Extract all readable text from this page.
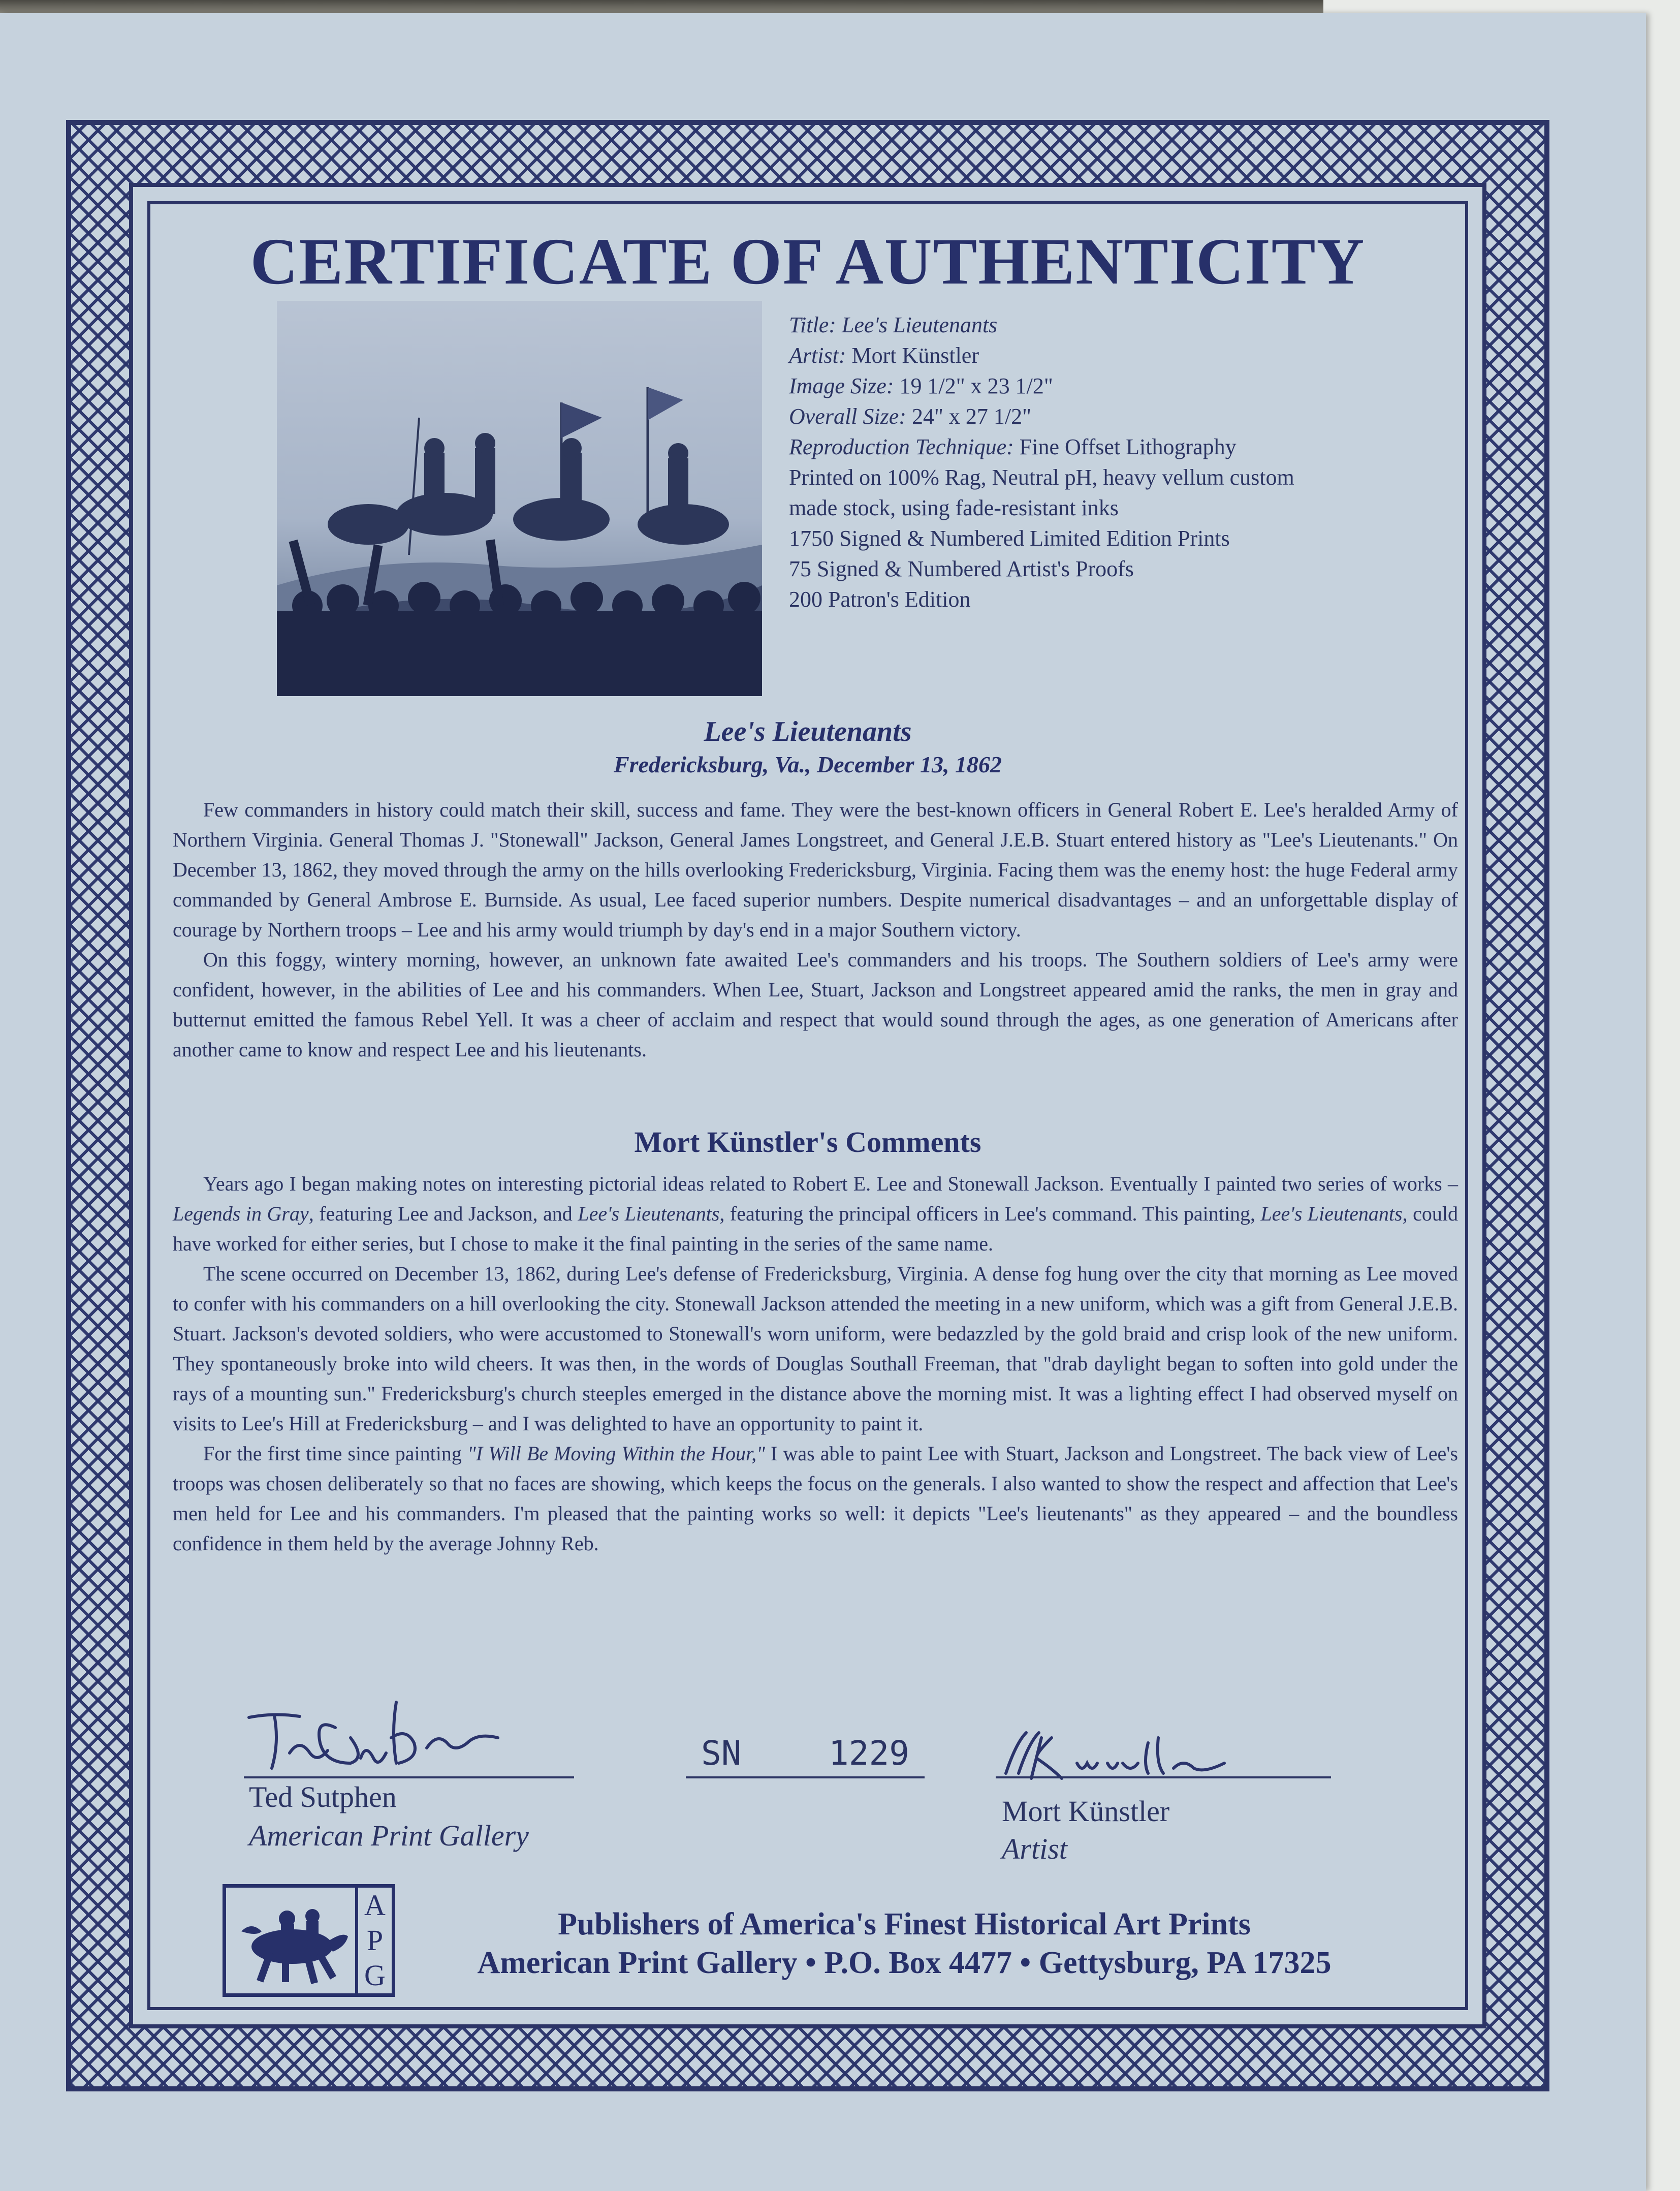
CERTIFICATE OF AUTHENTICITY
Title: Lee's Lieutenants
Artist: Mort Künstler
Image Size: 19 1/2" x 23 1/2"
Overall Size: 24" x 27 1/2"
Reproduction Technique: Fine Offset Lithography
Printed on 100% Rag, Neutral pH, heavy vellum custom
made stock, using fade-resistant inks
1750 Signed & Numbered Limited Edition Prints
75 Signed & Numbered Artist's Proofs
200 Patron's Edition
Lee's Lieutenants
Fredericksburg, Va., December 13, 1862

Few commanders in history could match their skill, success and fame. They were the best-known officers in General Robert E. Lee's heralded Army of Northern Virginia. General Thomas J. "Stonewall" Jackson, General James Longstreet, and General J.E.B. Stuart entered history as "Lee's Lieutenants." On December 13, 1862, they moved through the army on the hills overlooking Fredericksburg, Virginia. Facing them was the enemy host: the huge Federal army commanded by General Ambrose E. Burnside. As usual, Lee faced superior numbers. Despite numerical disadvantages – and an unforgettable display of courage by Northern troops – Lee and his army would triumph by day's end in a major Southern victory.

On this foggy, wintery morning, however, an unknown fate awaited Lee's commanders and his troops. The Southern soldiers of Lee's army were confident, however, in the abilities of Lee and his commanders. When Lee, Stuart, Jackson and Longstreet appeared amid the ranks, the men in gray and butternut emitted the famous Rebel Yell. It was a cheer of acclaim and respect that would sound through the ages, as one generation of Americans after another came to know and respect Lee and his lieutenants.

Mort Künstler's Comments

Years ago I began making notes on interesting pictorial ideas related to Robert E. Lee and Stonewall Jackson. Eventually I painted two series of works – Legends in Gray, featuring Lee and Jackson, and Lee's Lieutenants, featuring the principal officers in Lee's command. This painting, Lee's Lieutenants, could have worked for either series, but I chose to make it the final painting in the series of the same name.

The scene occurred on December 13, 1862, during Lee's defense of Fredericksburg, Virginia. A dense fog hung over the city that morning as Lee moved to confer with his commanders on a hill overlooking the city. Stonewall Jackson attended the meeting in a new uniform, which was a gift from General J.E.B. Stuart. Jackson's devoted soldiers, who were accustomed to Stonewall's worn uniform, were bedazzled by the gold braid and crisp look of the new uniform. They spontaneously broke into wild cheers. It was then, in the words of Douglas Southall Freeman, that "drab daylight began to soften into gold under the rays of a mounting sun." Fredericksburg's church steeples emerged in the distance above the morning mist. It was a lighting effect I had observed myself on visits to Lee's Hill at Fredericksburg – and I was delighted to have an opportunity to paint it.

For the first time since painting "I Will Be Moving Within the Hour," I was able to paint Lee with Stuart, Jackson and Longstreet. The back view of Lee's troops was chosen deliberately so that no faces are showing, which keeps the focus on the generals. I also wanted to show the respect and affection that Lee's men held for Lee and his commanders. I'm pleased that the painting works so well: it depicts "Lee's lieutenants" as they appeared – and the boundless confidence in them held by the average Johnny Reb.

Ted Sutphen
American Print Gallery
SN	1229
Mort Künstler
Artist
A
P
G
Publishers of America's Finest Historical Art Prints
American Print Gallery • P.O. Box 4477 • Gettysburg, PA 17325
